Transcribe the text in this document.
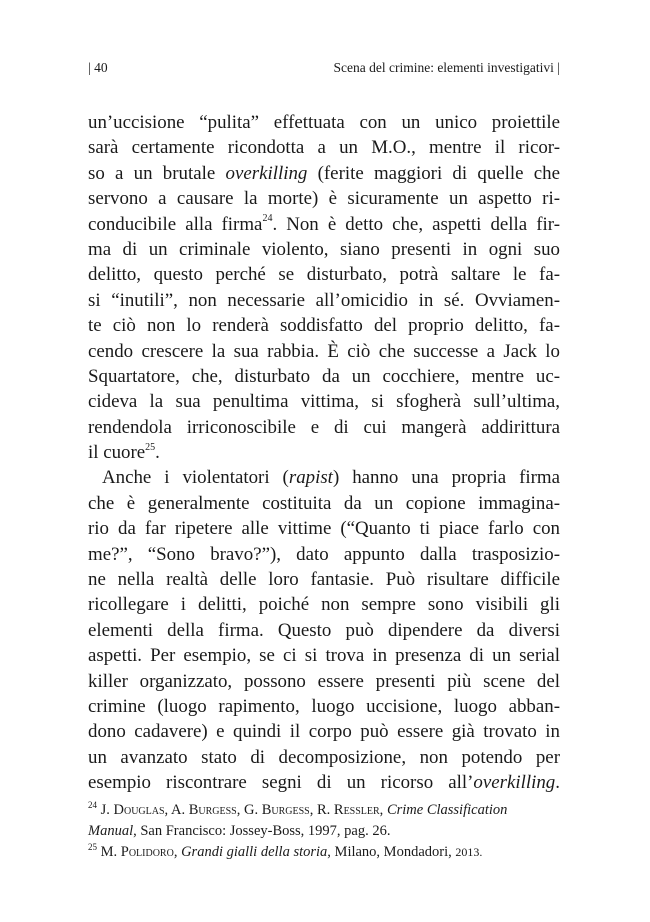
| 40	Scena del crimine: elementi investigativi |
un’uccisione “pulita” effettuata con un unico proiettile
sarà certamente ricondotta a un M.O., mentre il ricor-
so a un brutale overkilling (ferite maggiori di quelle che
servono a causare la morte) è sicuramente un aspetto ri-
conducibile alla firma$^{24}$. Non è detto che, aspetti della fir-
ma di un criminale violento, siano presenti in ogni suo
delitto, questo perché se disturbato, potrà saltare le fa-
si “inutili”, non necessarie all’omicidio in sé. Ovviamen-
te ciò non lo renderà soddisfatto del proprio delitto, fa-
cendo crescere la sua rabbia. È ciò che successe a Jack lo
Squartatore, che, disturbato da un cocchiere, mentre uc-
cideva la sua penultima vittima, si sfogherà sull’ultima,
rendendola irriconoscibile e di cui mangerà addirittura
il cuore$^{25}$.
Anche i violentatori (rapist) hanno una propria firma
che è generalmente costituita da un copione immagina-
rio da far ripetere alle vittime (“Quanto ti piace farlo con
me?”, “Sono bravo?”), dato appunto dalla trasposizio-
ne nella realtà delle loro fantasie. Può risultare difficile
ricollegare i delitti, poiché non sempre sono visibili gli
elementi della firma. Questo può dipendere da diversi
aspetti. Per esempio, se ci si trova in presenza di un serial
killer organizzato, possono essere presenti più scene del
crimine (luogo rapimento, luogo uccisione, luogo abban-
dono cadavere) e quindi il corpo può essere già trovato in
un avanzato stato di decomposizione, non potendo per
esempio riscontrare segni di un ricorso all’overkilling.
$^{24}$ J. Douglas, A. Burgess, G. Burgess, R. Ressler, Crime Classification
Manual, San Francisco: Jossey-Boss, 1997, pag. 26.
$^{25}$ M. Polidoro, Grandi gialli della storia, Milano, Mondadori, 2013.
